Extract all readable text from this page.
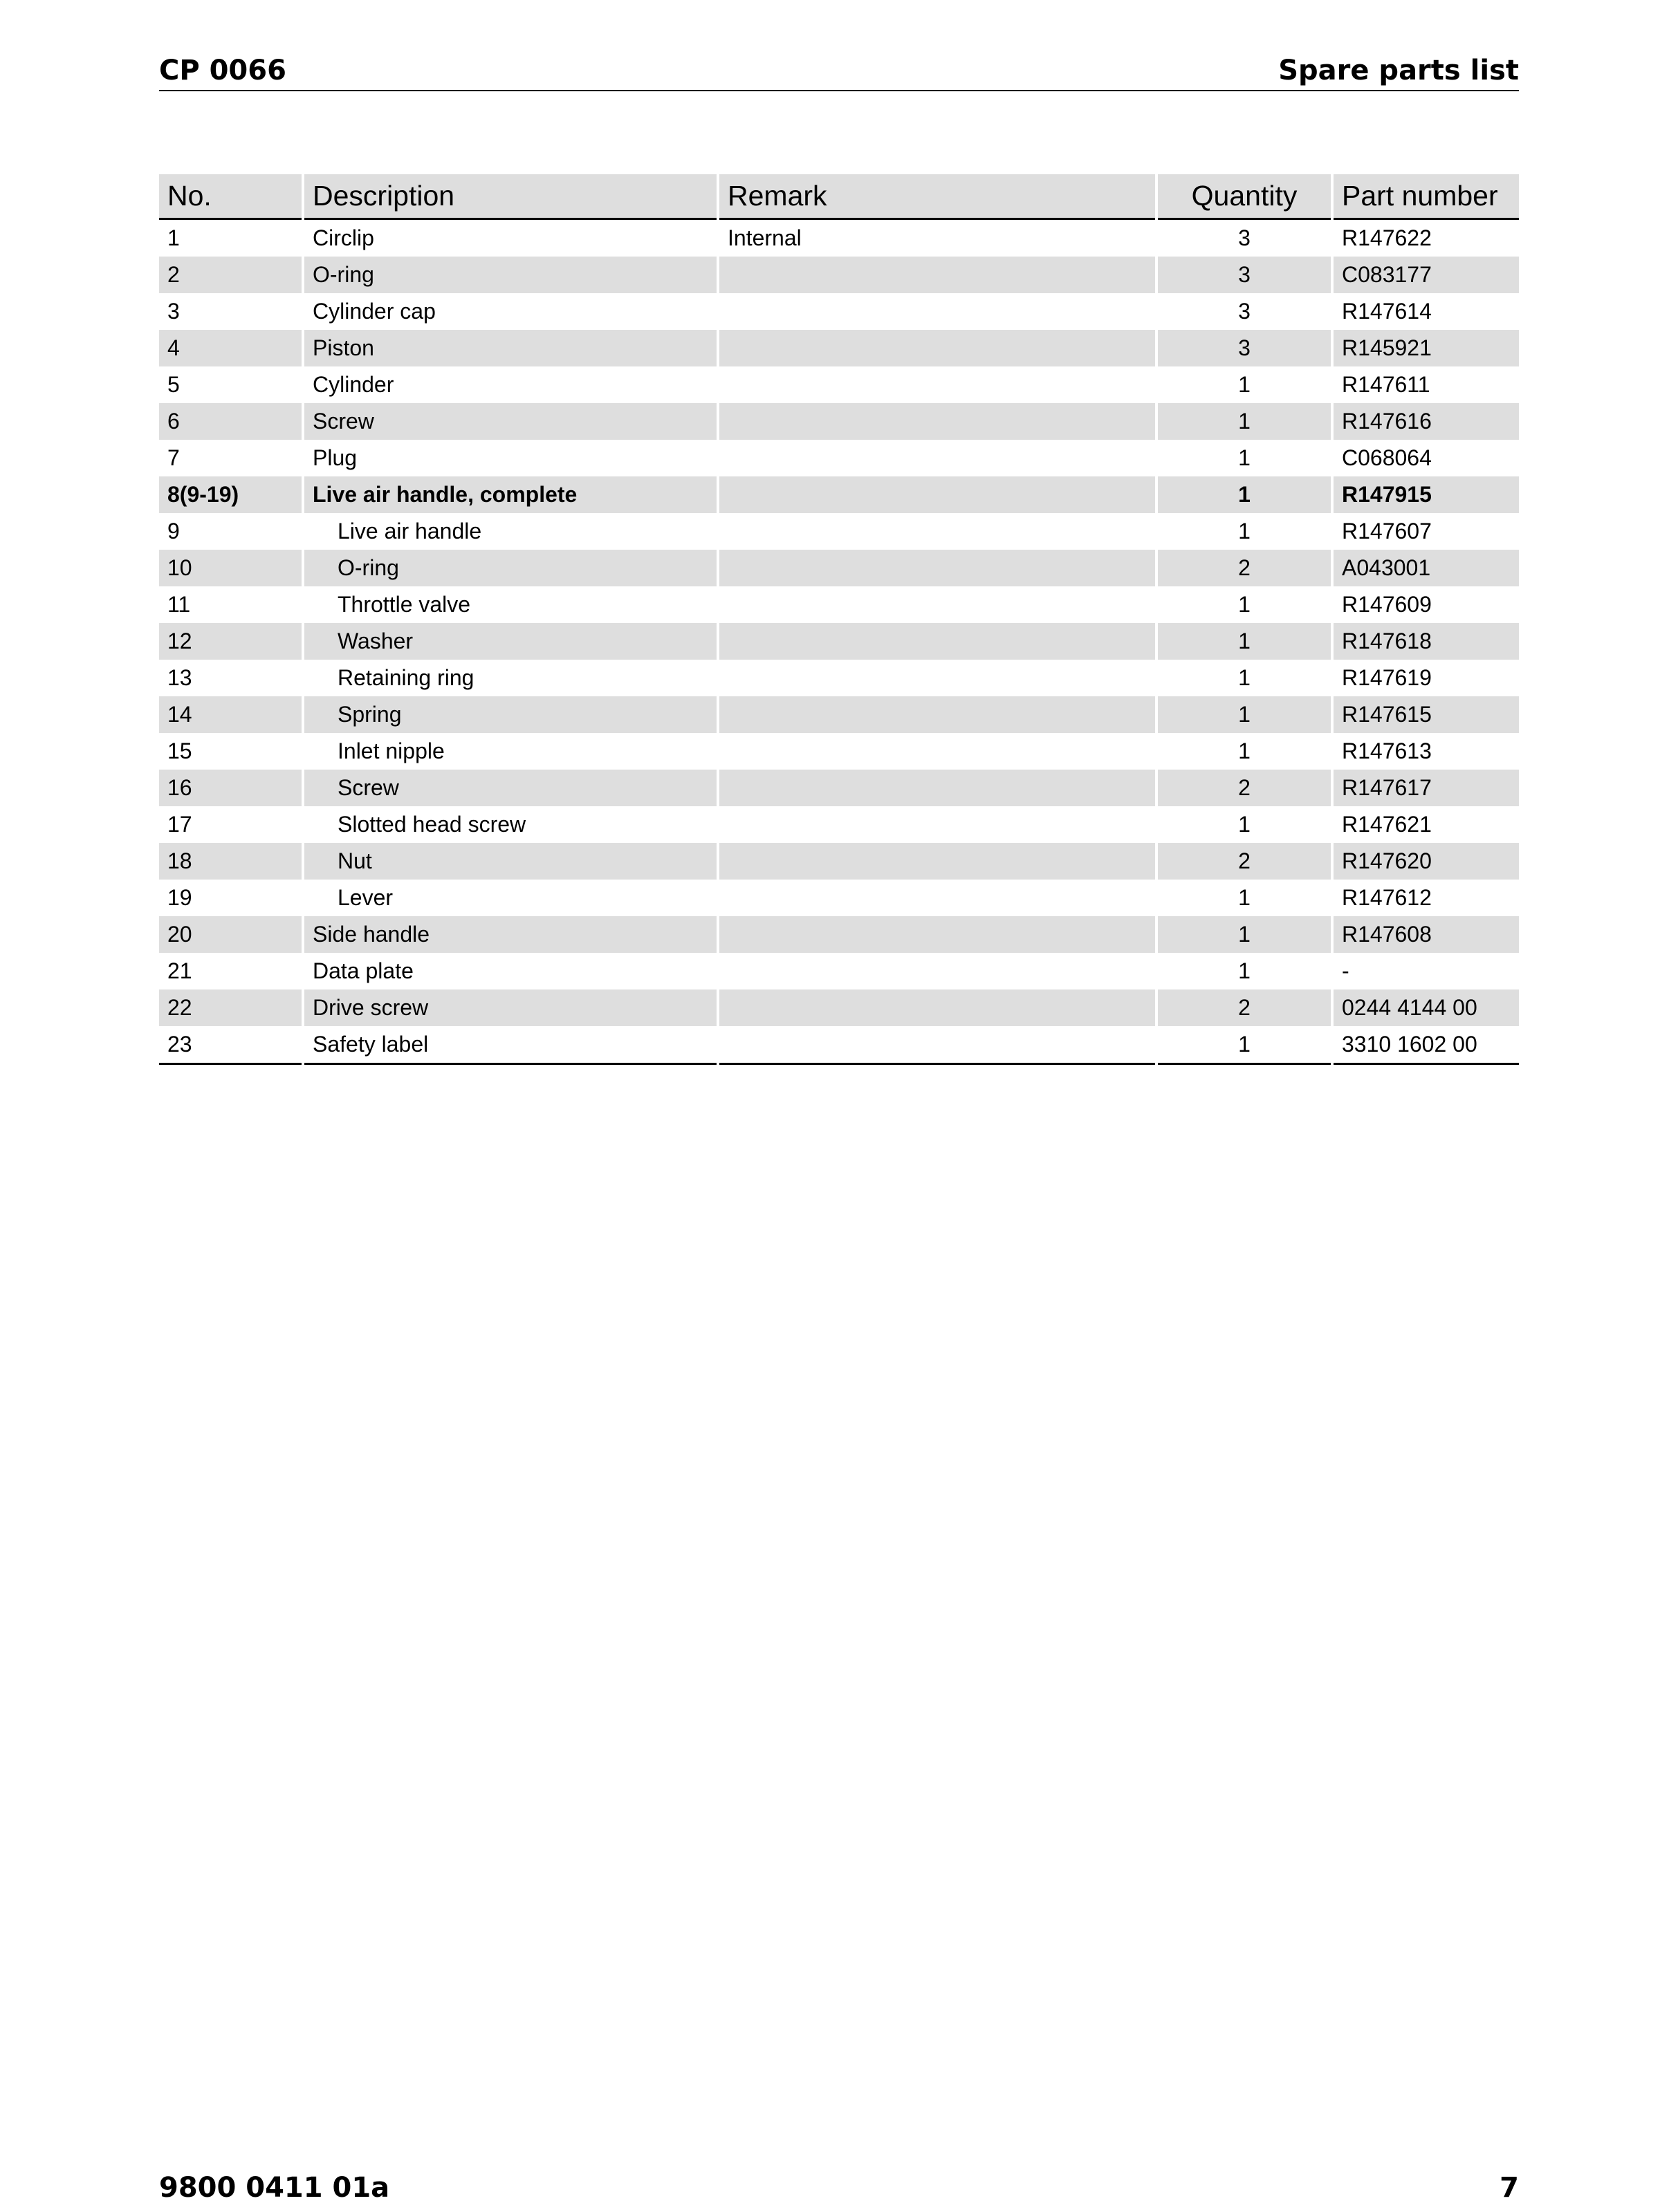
CP 0066	Spare parts list
No.	Description	Remark	Quantity	Part number
1	Circlip	Internal	3	R147622
2	O-ring		3	C083177
3	Cylinder cap		3	R147614
4	Piston		3	R145921
5	Cylinder		1	R147611
6	Screw		1	R147616
7	Plug		1	C068064
8(9-19)	Live air handle, complete		1	R147915
9	Live air handle		1	R147607
10	O-ring		2	A043001
11	Throttle valve		1	R147609
12	Washer		1	R147618
13	Retaining ring		1	R147619
14	Spring		1	R147615
15	Inlet nipple		1	R147613
16	Screw		2	R147617
17	Slotted head screw		1	R147621
18	Nut		2	R147620
19	Lever		1	R147612
20	Side handle		1	R147608
21	Data plate		1	-
22	Drive screw		2	0244 4144 00
23	Safety label		1	3310 1602 00
9800 0411 01a	7
